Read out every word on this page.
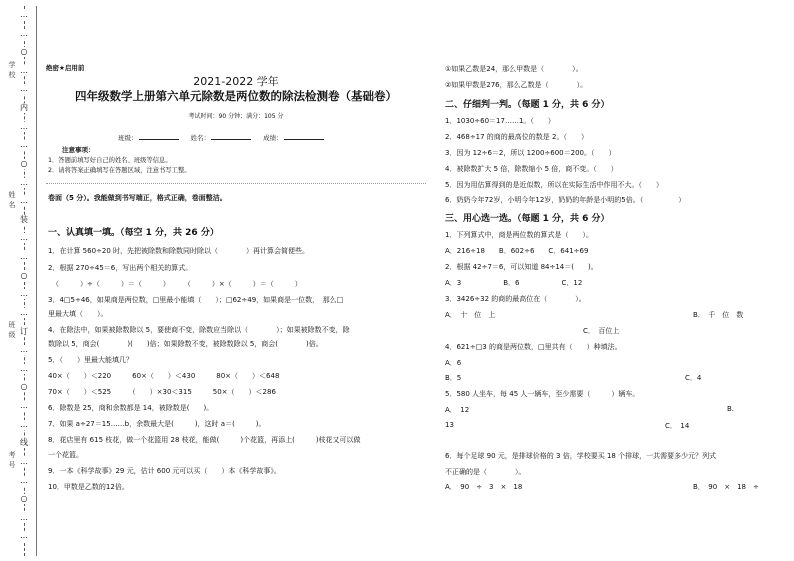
…
…
○
…
…
内
…
…
○
…
…
装
…
…
○
…
…
订
…
…
○
…
…
线
…
…
○
…
…
学校
姓名
班级
考号
绝密★启用前
2021-2022 学年
四年级数学上册第六单元除数是两位数的除法检测卷（基础卷）
考试时间：90 分钟；满分：105 分
班级：	姓名：	成绩：
注意事项：
1．答题前填写好自己的姓名、班级等信息。
2．请将答案正确填写在答题区域，注意书写工整。
卷面（5 分）。我能做到书写端正，格式正确，卷面整洁。
一、认真填一填。（每空 1 分，共 26 分）
1．在计算 560÷20 时，先把被除数和除数同时除以（　　　　）再计算会简便些。
2．根据 270÷45＝6，写出两个相关的算式。
（　　　）÷（　　　）＝（　　　）　　　（　　　）×（　　　）＝（　　　）
3．4□5÷46，如果商是两位数，□里最小能填（　　）；□62÷49，如果商是一位数，　那么□
里最大填（　　）。
4．在除法中，如果被除数除以 5，要使商不变，除数应当除以（　　　　）；如果被除数不变，除
数除以 5，商会(　　　　)(　　)倍；如果除数不变，被除数除以 5，商会(　　　　)倍。
5．（　　）里最大能填几？
40×（　　）＜220　　　60×（　　）＜430　　　80×（　　）＜648
70×（　　）＜525　　　（　　）×30＜315　　　50×（　　）＜286
6．除数是 25，商和余数都是 14，被除数是(　　)。
7．如果 a÷27＝15……b，余数最大是(　　　)，这时 a＝(　　　)。
8．花店里有 615 枝花，做一个花篮用 28 枝花，能做(　　　)个花篮，再添上(　　　)枝花又可以做
一个花篮。
9．一本《科学故事》29 元，估计 600 元可以买（　　）本《科学故事》。
10．甲数是乙数的12倍。
①如果乙数是24，那么甲数是（　　　　）。
②如果甲数是276，那么乙数是（　　　　）。
二、仔细判一判。（每题 1 分，共 6 分）
1．1030÷60＝17……1。（　　）
2．468÷17 的商的最高位的数是 2。（　　）
3．因为 12÷6＝2，所以 1200÷600＝200。（　　）
4．被除数扩大 5 倍，除数缩小 5 倍，商不变。（　　）
5．因为用估算得到的是近似数，所以在实际生活中作用不大。（　　）
6．奶奶今年72岁，小明今年12岁，奶奶的年龄是小明的5倍。（　　　　　）
三、用心选一选。（每题 1 分，共 6 分）
1．下列算式中，商是两位数的算式是（　　）。
A．216÷18　　B．602÷6　　C．641÷69
2．根据 42÷7＝6，可以知道 84÷14＝(　　)。
A．3　　　　　　B．6　　　　　　C．12
3．3426÷32 的商的最高位在（　　　　）。
A．　十　位　上	B．　千　位　数
C．　百位上
4．621÷□3 的商是两位数，□里共有（　　）种填法。
A．6
B．5	C．4
5．580 人坐车，每 45 人一辆车，至少需要（　　　）辆车。
A．　12	B.
13	C．　14
6．每个足球 90 元，是排球价格的 3 倍，学校要买 18 个排球，一共需要多少元？列式
不正确的是（　　　　）。
A．　90　÷　3　×　18	B．　90　×　18　÷
